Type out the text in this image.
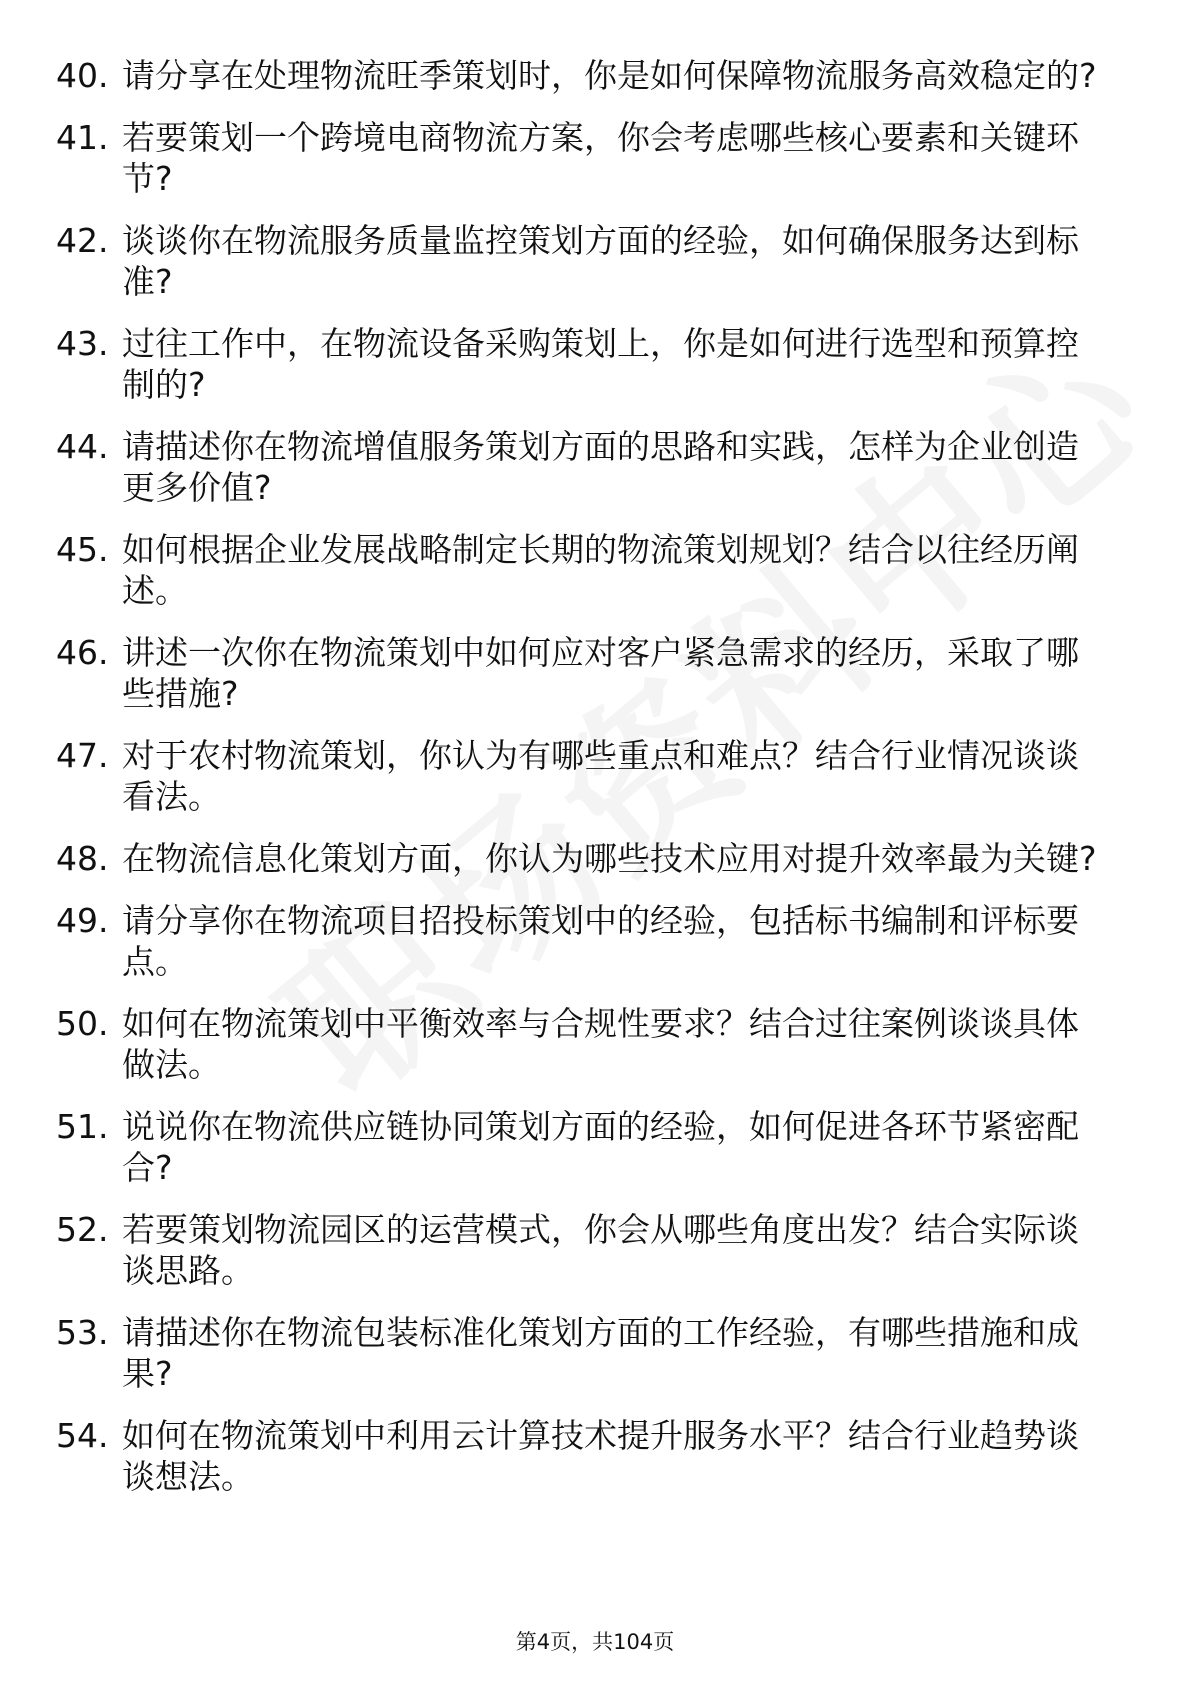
40. 请分享在处理物流旺季策划时，你是如何保障物流服务高效稳定的?
41. 若要策划一个跨境电商物流方案，你会考虑哪些核心要素和关键环节?
42. 谈谈你在物流服务质量监控策划方面的经验，如何确保服务达到标准?
43. 过往工作中，在物流设备采购策划上，你是如何进行选型和预算控制的?
44. 请描述你在物流增值服务策划方面的思路和实践，怎样为企业创造更多价值?
45. 如何根据企业发展战略制定长期的物流策划规划？结合以往经历阐述。
46. 讲述一次你在物流策划中如何应对客户紧急需求的经历，采取了哪些措施?
47. 对于农村物流策划，你认为有哪些重点和难点？结合行业情况谈谈看法。
48. 在物流信息化策划方面，你认为哪些技术应用对提升效率最为关键?
49. 请分享你在物流项目招投标策划中的经验，包括标书编制和评标要点。
50. 如何在物流策划中平衡效率与合规性要求？结合过往案例谈谈具体做法。
51. 说说你在物流供应链协同策划方面的经验，如何促进各环节紧密配合?
52. 若要策划物流园区的运营模式，你会从哪些角度出发？结合实际谈谈思路。
53. 请描述你在物流包装标准化策划方面的工作经验，有哪些措施和成果?
54. 如何在物流策划中利用云计算技术提升服务水平？结合行业趋势谈谈想法。
第4页，共104页
